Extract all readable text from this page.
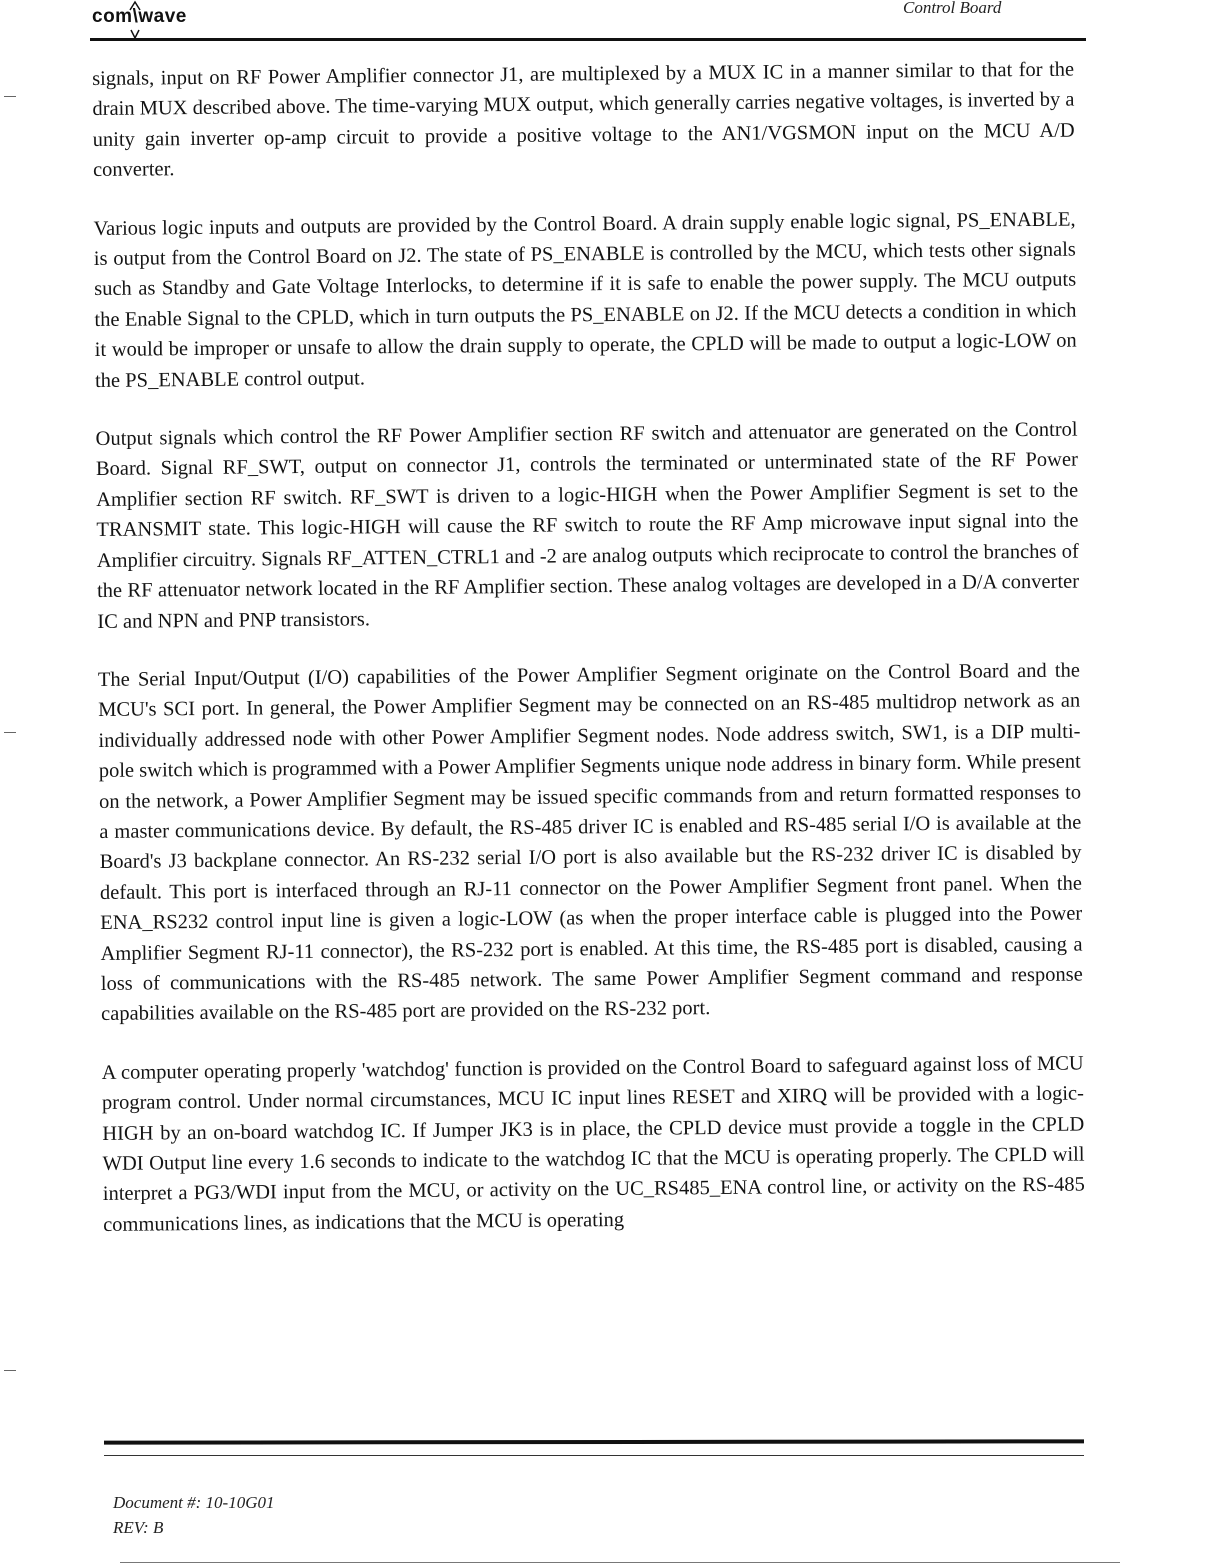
com\wave	Control Board

signals, input on RF Power Amplifier connector J1, are multiplexed by a MUX IC in a manner similar to that for the drain MUX described above. The time-varying MUX output, which generally carries negative voltages, is inverted by a unity gain inverter op-amp circuit to provide a positive voltage to the AN1/VGSMON input on the MCU A/D converter.

Various logic inputs and outputs are provided by the Control Board. A drain supply enable logic signal, PS_ENABLE, is output from the Control Board on J2. The state of PS_ENABLE is controlled by the MCU, which tests other signals such as Standby and Gate Voltage Interlocks, to determine if it is safe to enable the power supply. The MCU outputs the Enable Signal to the CPLD, which in turn outputs the PS_ENABLE on J2. If the MCU detects a condition in which it would be improper or unsafe to allow the drain supply to operate, the CPLD will be made to output a logic-LOW on the PS_ENABLE control output.

Output signals which control the RF Power Amplifier section RF switch and attenuator are generated on the Control Board. Signal RF_SWT, output on connector J1, controls the terminated or unterminated state of the RF Power Amplifier section RF switch. RF_SWT is driven to a logic-HIGH when the Power Amplifier Segment is set to the TRANSMIT state. This logic-HIGH will cause the RF switch to route the RF Amp microwave input signal into the Amplifier circuitry. Signals RF_ATTEN_CTRL1 and -2 are analog outputs which reciprocate to control the branches of the RF attenuator network located in the RF Amplifier section. These analog voltages are developed in a D/A converter IC and NPN and PNP transistors.

The Serial Input/Output (I/O) capabilities of the Power Amplifier Segment originate on the Control Board and the MCU's SCI port. In general, the Power Amplifier Segment may be connected on an RS-485 multidrop network as an individually addressed node with other Power Amplifier Segment nodes. Node address switch, SW1, is a DIP multi-pole switch which is programmed with a Power Amplifier Segments unique node address in binary form. While present on the network, a Power Amplifier Segment may be issued specific commands from and return formatted responses to a master communications device. By default, the RS-485 driver IC is enabled and RS-485 serial I/O is available at the Board's J3 backplane connector. An RS-232 serial I/O port is also available but the RS-232 driver IC is disabled by default. This port is interfaced through an RJ-11 connector on the Power Amplifier Segment front panel. When the ENA_RS232 control input line is given a logic-LOW (as when the proper interface cable is plugged into the Power Amplifier Segment RJ-11 connector), the RS-232 port is enabled. At this time, the RS-485 port is disabled, causing a loss of communications with the RS-485 network. The same Power Amplifier Segment command and response capabilities available on the RS-485 port are provided on the RS-232 port.

A computer operating properly 'watchdog' function is provided on the Control Board to safeguard against loss of MCU program control. Under normal circumstances, MCU IC input lines RESET and XIRQ will be provided with a logic-HIGH by an on-board watchdog IC. If Jumper JK3 is in place, the CPLD device must provide a toggle in the CPLD WDI Output line every 1.6 seconds to indicate to the watchdog IC that the MCU is operating properly. The CPLD will interpret a PG3/WDI input from the MCU, or activity on the UC_RS485_ENA control line, or activity on the RS-485 communications lines, as indications that the MCU is operating

Document #: 10-10G01
REV: B
